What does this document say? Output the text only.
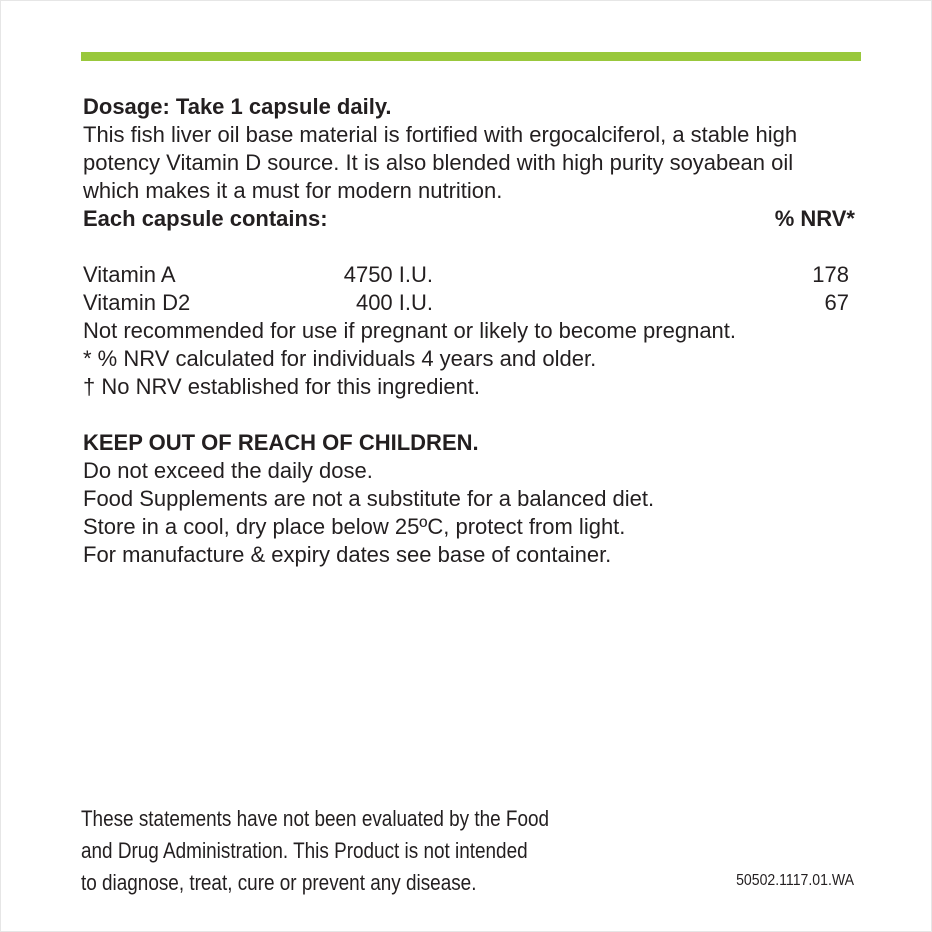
Dosage: Take 1 capsule daily.
This fish liver oil base material is fortified with ergocalciferol, a stable high
potency Vitamin D source. It is also blended with high purity soyabean oil
which makes it a must for modern nutrition.
Each capsule contains:	% NRV*
Vitamin A	4750 I.U.	178
Vitamin D2	400 I.U.	67
Not recommended for use if pregnant or likely to become pregnant.
* % NRV calculated for individuals 4 years and older.
† No NRV established for this ingredient.
KEEP OUT OF REACH OF CHILDREN.
Do not exceed the daily dose.
Food Supplements are not a substitute for a balanced diet.
Store in a cool, dry place below 25ºC, protect from light.
For manufacture & expiry dates see base of container.
These statements have not been evaluated by the Food
and Drug Administration. This Product is not intended
to diagnose, treat, cure or prevent any disease.	50502.1117.01.WA
